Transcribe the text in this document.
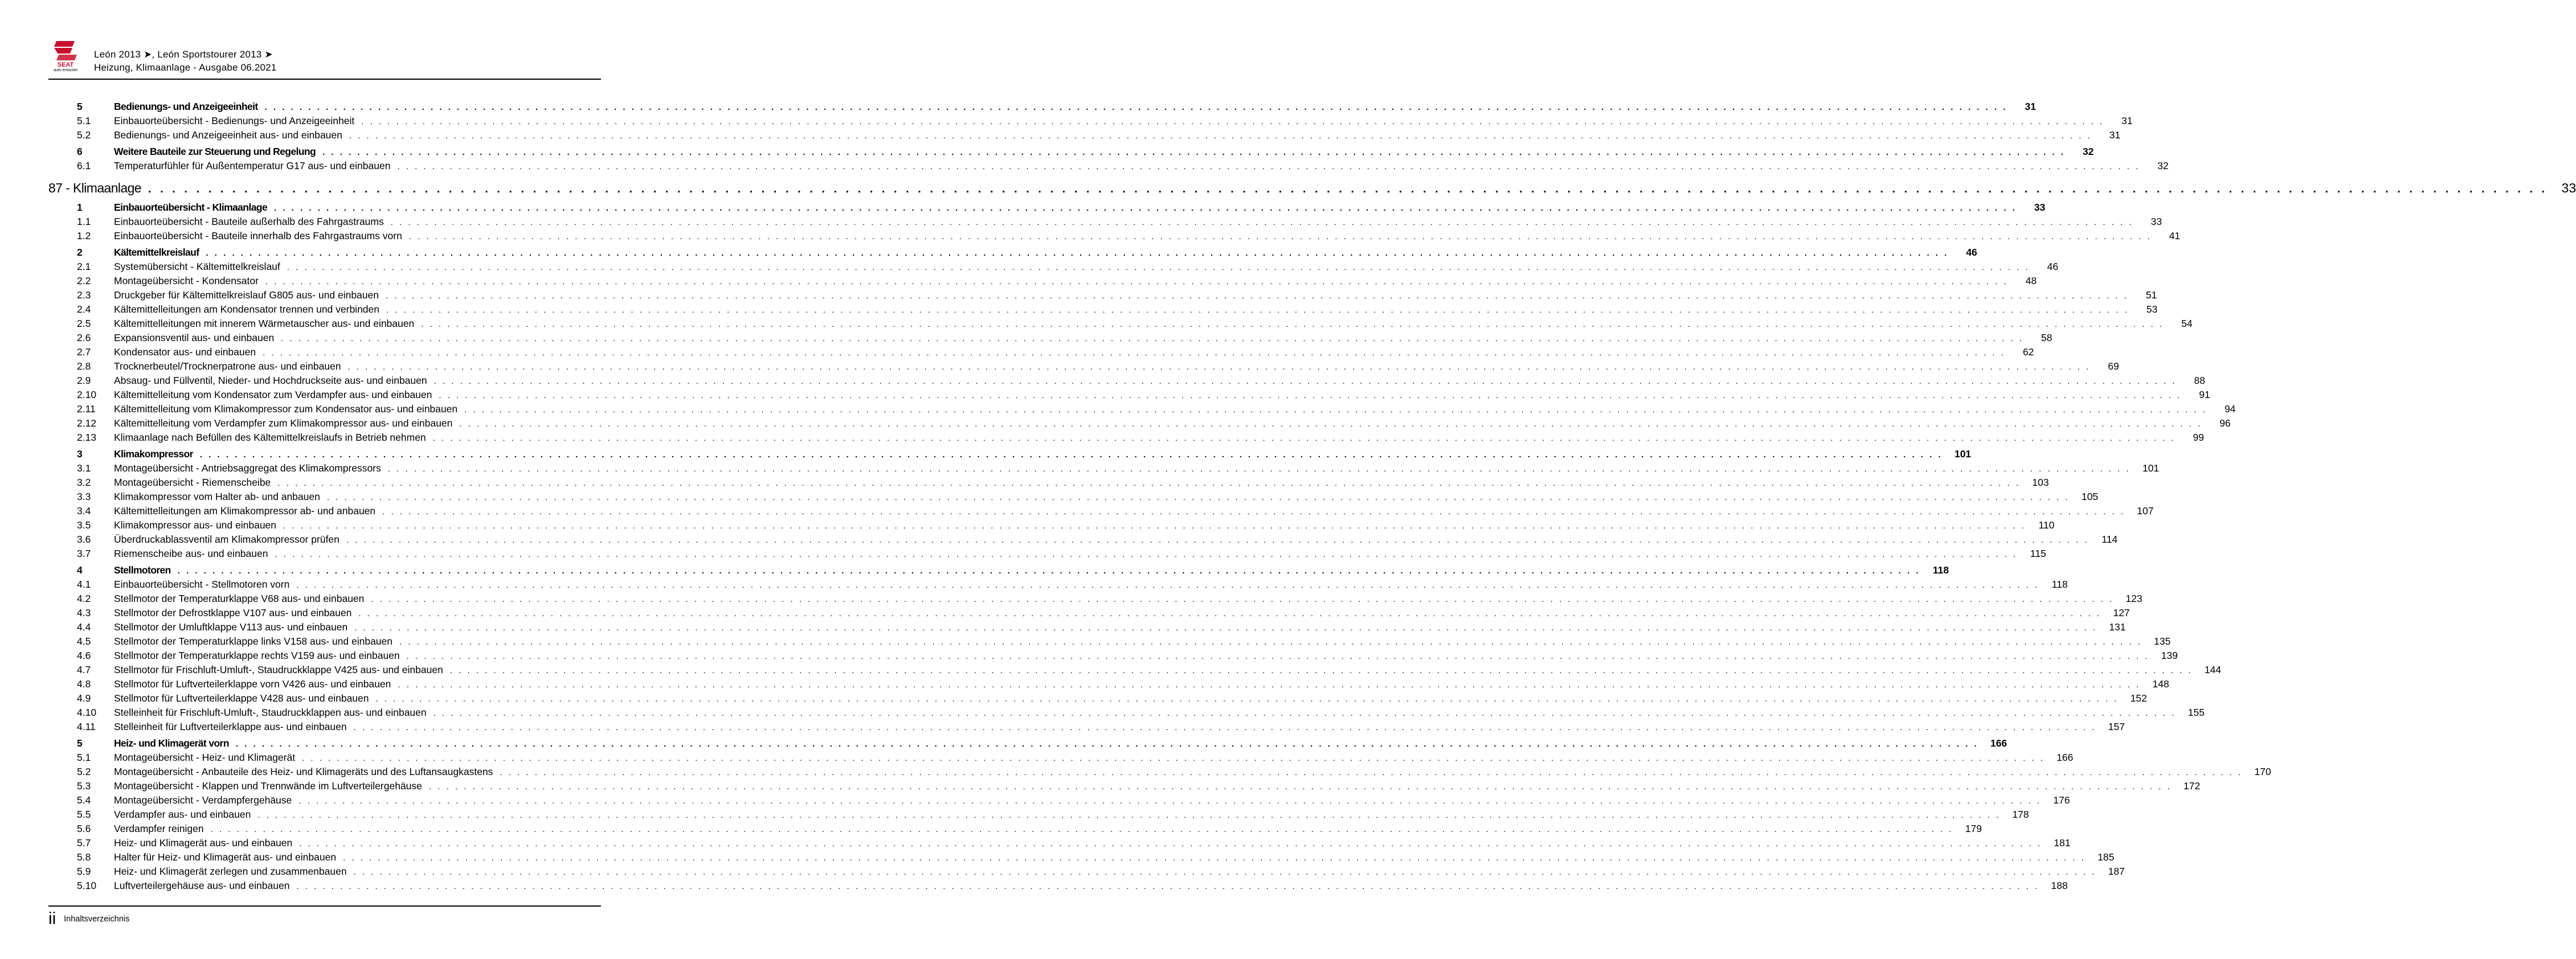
SEAT
auto emoción
León 2013 ➤, León Sportstourer 2013 ➤
Heizung, Klimaanlage - Ausgabe 06.2021
5	Bedienungs- und Anzeigeeinheit . . . . . . . . . . . . . . . . . . . . . . . . . . . . . . . . . . . . . . . . . . . . . . . . . . . . . . . . . . . . . . . . . . . . . . . . . . . . . . . . . . . . . . . . . . . . . . . . . . . . . . . . . . . . . . . . . . . . . . . . . . . . . . . . . . . . . . . . . . . . . . . . . . . . . . . . . . . . . . . . . . . . . . . . . . . . . . . . . . . . . . . . . . . . . . . . . . . . . . . .	31
5.1	Einbauorteübersicht - Bedienungs- und Anzeigeeinheit . . . . . . . . . . . . . . . . . . . . . . . . . . . . . . . . . . . . . . . . . . . . . . . . . . . . . . . . . . . . . . . . . . . . . . . . . . . . . . . . . . . . . . . . . . . . . . . . . . . . . . . . . . . . . . . . . . . . . . . . . . . . . . . . . . . . . . . . . . . . . . . . . . . . . . . . . . . . . . . . . . . . . . . . . . . . . . . . . . . . . . . . . . . . . . . . . . . . . . . .	31
5.2	Bedienungs- und Anzeigeeinheit aus- und einbauen . . . . . . . . . . . . . . . . . . . . . . . . . . . . . . . . . . . . . . . . . . . . . . . . . . . . . . . . . . . . . . . . . . . . . . . . . . . . . . . . . . . . . . . . . . . . . . . . . . . . . . . . . . . . . . . . . . . . . . . . . . . . . . . . . . . . . . . . . . . . . . . . . . . . . . . . . . . . . . . . . . . . . . . . . . . . . . . . . . . . . . . . . . . . . . . . . . . . . . . .	31
6	Weitere Bauteile zur Steuerung und Regelung . . . . . . . . . . . . . . . . . . . . . . . . . . . . . . . . . . . . . . . . . . . . . . . . . . . . . . . . . . . . . . . . . . . . . . . . . . . . . . . . . . . . . . . . . . . . . . . . . . . . . . . . . . . . . . . . . . . . . . . . . . . . . . . . . . . . . . . . . . . . . . . . . . . . . . . . . . . . . . . . . . . . . . . . . . . . . . . . . . . . . . . . . . . . . . . . . . . . . . . .	32
6.1	Temperaturfühler für Außentemperatur G17 aus- und einbauen . . . . . . . . . . . . . . . . . . . . . . . . . . . . . . . . . . . . . . . . . . . . . . . . . . . . . . . . . . . . . . . . . . . . . . . . . . . . . . . . . . . . . . . . . . . . . . . . . . . . . . . . . . . . . . . . . . . . . . . . . . . . . . . . . . . . . . . . . . . . . . . . . . . . . . . . . . . . . . . . . . . . . . . . . . . . . . . . . . . . . . . . . . . . . . . . . . . . . . . .	32
87 - Klimaanlage . . . . . . . . . . . . . . . . . . . . . . . . . . . . . . . . . . . . . . . . . . . . . . . . . . . . . . . . . . . . . . . . . . . . . . . . . . . . . . . . . . . . . . . . . . . . . . . . . . . . . . . . . . . . . . . . . . . . . . . . . . . . . . . . . . . . . . . . . . . . . . . . . . . . . . . . . . . . . . . . . . . . . . . . . . . . . . . . . . . . . . . . . . . . . . . . . . . . . . . .	33
1	Einbauorteübersicht - Klimaanlage . . . . . . . . . . . . . . . . . . . . . . . . . . . . . . . . . . . . . . . . . . . . . . . . . . . . . . . . . . . . . . . . . . . . . . . . . . . . . . . . . . . . . . . . . . . . . . . . . . . . . . . . . . . . . . . . . . . . . . . . . . . . . . . . . . . . . . . . . . . . . . . . . . . . . . . . . . . . . . . . . . . . . . . . . . . . . . . . . . . . . . . . . . . . . . . . . . . . . . . .	33
1.1	Einbauorteübersicht - Bauteile außerhalb des Fahrgastraums . . . . . . . . . . . . . . . . . . . . . . . . . . . . . . . . . . . . . . . . . . . . . . . . . . . . . . . . . . . . . . . . . . . . . . . . . . . . . . . . . . . . . . . . . . . . . . . . . . . . . . . . . . . . . . . . . . . . . . . . . . . . . . . . . . . . . . . . . . . . . . . . . . . . . . . . . . . . . . . . . . . . . . . . . . . . . . . . . . . . . . . . . . . . . . . . . . . . . . . .	33
1.2	Einbauorteübersicht - Bauteile innerhalb des Fahrgastraums vorn . . . . . . . . . . . . . . . . . . . . . . . . . . . . . . . . . . . . . . . . . . . . . . . . . . . . . . . . . . . . . . . . . . . . . . . . . . . . . . . . . . . . . . . . . . . . . . . . . . . . . . . . . . . . . . . . . . . . . . . . . . . . . . . . . . . . . . . . . . . . . . . . . . . . . . . . . . . . . . . . . . . . . . . . . . . . . . . . . . . . . . . . . . . . . . . . . . . . . . . .	41
2	Kältemittelkreislauf . . . . . . . . . . . . . . . . . . . . . . . . . . . . . . . . . . . . . . . . . . . . . . . . . . . . . . . . . . . . . . . . . . . . . . . . . . . . . . . . . . . . . . . . . . . . . . . . . . . . . . . . . . . . . . . . . . . . . . . . . . . . . . . . . . . . . . . . . . . . . . . . . . . . . . . . . . . . . . . . . . . . . . . . . . . . . . . . . . . . . . . . . . . . . . . . . . . . . . . .	46
2.1	Systemübersicht - Kältemittelkreislauf . . . . . . . . . . . . . . . . . . . . . . . . . . . . . . . . . . . . . . . . . . . . . . . . . . . . . . . . . . . . . . . . . . . . . . . . . . . . . . . . . . . . . . . . . . . . . . . . . . . . . . . . . . . . . . . . . . . . . . . . . . . . . . . . . . . . . . . . . . . . . . . . . . . . . . . . . . . . . . . . . . . . . . . . . . . . . . . . . . . . . . . . . . . . . . . . . . . . . . . .	46
2.2	Montageübersicht - Kondensator . . . . . . . . . . . . . . . . . . . . . . . . . . . . . . . . . . . . . . . . . . . . . . . . . . . . . . . . . . . . . . . . . . . . . . . . . . . . . . . . . . . . . . . . . . . . . . . . . . . . . . . . . . . . . . . . . . . . . . . . . . . . . . . . . . . . . . . . . . . . . . . . . . . . . . . . . . . . . . . . . . . . . . . . . . . . . . . . . . . . . . . . . . . . . . . . . . . . . . . .	48
2.3	Druckgeber für Kältemittelkreislauf G805 aus- und einbauen . . . . . . . . . . . . . . . . . . . . . . . . . . . . . . . . . . . . . . . . . . . . . . . . . . . . . . . . . . . . . . . . . . . . . . . . . . . . . . . . . . . . . . . . . . . . . . . . . . . . . . . . . . . . . . . . . . . . . . . . . . . . . . . . . . . . . . . . . . . . . . . . . . . . . . . . . . . . . . . . . . . . . . . . . . . . . . . . . . . . . . . . . . . . . . . . . . . . . . . .	51
2.4	Kältemittelleitungen am Kondensator trennen und verbinden . . . . . . . . . . . . . . . . . . . . . . . . . . . . . . . . . . . . . . . . . . . . . . . . . . . . . . . . . . . . . . . . . . . . . . . . . . . . . . . . . . . . . . . . . . . . . . . . . . . . . . . . . . . . . . . . . . . . . . . . . . . . . . . . . . . . . . . . . . . . . . . . . . . . . . . . . . . . . . . . . . . . . . . . . . . . . . . . . . . . . . . . . . . . . . . . . . . . . . . .	53
2.5	Kältemittelleitungen mit innerem Wärmetauscher aus- und einbauen . . . . . . . . . . . . . . . . . . . . . . . . . . . . . . . . . . . . . . . . . . . . . . . . . . . . . . . . . . . . . . . . . . . . . . . . . . . . . . . . . . . . . . . . . . . . . . . . . . . . . . . . . . . . . . . . . . . . . . . . . . . . . . . . . . . . . . . . . . . . . . . . . . . . . . . . . . . . . . . . . . . . . . . . . . . . . . . . . . . . . . . . . . . . . . . . . . . . . . . .	54
2.6	Expansionsventil aus- und einbauen . . . . . . . . . . . . . . . . . . . . . . . . . . . . . . . . . . . . . . . . . . . . . . . . . . . . . . . . . . . . . . . . . . . . . . . . . . . . . . . . . . . . . . . . . . . . . . . . . . . . . . . . . . . . . . . . . . . . . . . . . . . . . . . . . . . . . . . . . . . . . . . . . . . . . . . . . . . . . . . . . . . . . . . . . . . . . . . . . . . . . . . . . . . . . . . . . . . . . . . .	58
2.7	Kondensator aus- und einbauen . . . . . . . . . . . . . . . . . . . . . . . . . . . . . . . . . . . . . . . . . . . . . . . . . . . . . . . . . . . . . . . . . . . . . . . . . . . . . . . . . . . . . . . . . . . . . . . . . . . . . . . . . . . . . . . . . . . . . . . . . . . . . . . . . . . . . . . . . . . . . . . . . . . . . . . . . . . . . . . . . . . . . . . . . . . . . . . . . . . . . . . . . . . . . . . . . . . . . . . .	62
2.8	Trocknerbeutel/Trocknerpatrone aus- und einbauen . . . . . . . . . . . . . . . . . . . . . . . . . . . . . . . . . . . . . . . . . . . . . . . . . . . . . . . . . . . . . . . . . . . . . . . . . . . . . . . . . . . . . . . . . . . . . . . . . . . . . . . . . . . . . . . . . . . . . . . . . . . . . . . . . . . . . . . . . . . . . . . . . . . . . . . . . . . . . . . . . . . . . . . . . . . . . . . . . . . . . . . . . . . . . . . . . . . . . . . .	69
2.9	Absaug- und Füllventil, Nieder- und Hochdruckseite aus- und einbauen . . . . . . . . . . . . . . . . . . . . . . . . . . . . . . . . . . . . . . . . . . . . . . . . . . . . . . . . . . . . . . . . . . . . . . . . . . . . . . . . . . . . . . . . . . . . . . . . . . . . . . . . . . . . . . . . . . . . . . . . . . . . . . . . . . . . . . . . . . . . . . . . . . . . . . . . . . . . . . . . . . . . . . . . . . . . . . . . . . . . . . . . . . . . . . . . . . . . . . . .	88
2.10	Kältemittelleitung vom Kondensator zum Verdampfer aus- und einbauen . . . . . . . . . . . . . . . . . . . . . . . . . . . . . . . . . . . . . . . . . . . . . . . . . . . . . . . . . . . . . . . . . . . . . . . . . . . . . . . . . . . . . . . . . . . . . . . . . . . . . . . . . . . . . . . . . . . . . . . . . . . . . . . . . . . . . . . . . . . . . . . . . . . . . . . . . . . . . . . . . . . . . . . . . . . . . . . . . . . . . . . . . . . . . . . . . . . . . . . .	91
2.11	Kältemittelleitung vom Klimakompressor zum Kondensator aus- und einbauen . . . . . . . . . . . . . . . . . . . . . . . . . . . . . . . . . . . . . . . . . . . . . . . . . . . . . . . . . . . . . . . . . . . . . . . . . . . . . . . . . . . . . . . . . . . . . . . . . . . . . . . . . . . . . . . . . . . . . . . . . . . . . . . . . . . . . . . . . . . . . . . . . . . . . . . . . . . . . . . . . . . . . . . . . . . . . . . . . . . . . . . . . . . . . . . . . . . . . . . .	94
2.12	Kältemittelleitung vom Verdampfer zum Klimakompressor aus- und einbauen . . . . . . . . . . . . . . . . . . . . . . . . . . . . . . . . . . . . . . . . . . . . . . . . . . . . . . . . . . . . . . . . . . . . . . . . . . . . . . . . . . . . . . . . . . . . . . . . . . . . . . . . . . . . . . . . . . . . . . . . . . . . . . . . . . . . . . . . . . . . . . . . . . . . . . . . . . . . . . . . . . . . . . . . . . . . . . . . . . . . . . . . . . . . . . . . . . . . . . . .	96
2.13	Klimaanlage nach Befüllen des Kältemittelkreislaufs in Betrieb nehmen . . . . . . . . . . . . . . . . . . . . . . . . . . . . . . . . . . . . . . . . . . . . . . . . . . . . . . . . . . . . . . . . . . . . . . . . . . . . . . . . . . . . . . . . . . . . . . . . . . . . . . . . . . . . . . . . . . . . . . . . . . . . . . . . . . . . . . . . . . . . . . . . . . . . . . . . . . . . . . . . . . . . . . . . . . . . . . . . . . . . . . . . . . . . . . . . . . . . . . . .	99
3	Klimakompressor . . . . . . . . . . . . . . . . . . . . . . . . . . . . . . . . . . . . . . . . . . . . . . . . . . . . . . . . . . . . . . . . . . . . . . . . . . . . . . . . . . . . . . . . . . . . . . . . . . . . . . . . . . . . . . . . . . . . . . . . . . . . . . . . . . . . . . . . . . . . . . . . . . . . . . . . . . . . . . . . . . . . . . . . . . . . . . . . . . . . . . . . . . . . . . . . . . . . . . . .	101
3.1	Montageübersicht - Antriebsaggregat des Klimakompressors . . . . . . . . . . . . . . . . . . . . . . . . . . . . . . . . . . . . . . . . . . . . . . . . . . . . . . . . . . . . . . . . . . . . . . . . . . . . . . . . . . . . . . . . . . . . . . . . . . . . . . . . . . . . . . . . . . . . . . . . . . . . . . . . . . . . . . . . . . . . . . . . . . . . . . . . . . . . . . . . . . . . . . . . . . . . . . . . . . . . . . . . . . . . . . . . . . . . . . . .	101
3.2	Montageübersicht - Riemenscheibe . . . . . . . . . . . . . . . . . . . . . . . . . . . . . . . . . . . . . . . . . . . . . . . . . . . . . . . . . . . . . . . . . . . . . . . . . . . . . . . . . . . . . . . . . . . . . . . . . . . . . . . . . . . . . . . . . . . . . . . . . . . . . . . . . . . . . . . . . . . . . . . . . . . . . . . . . . . . . . . . . . . . . . . . . . . . . . . . . . . . . . . . . . . . . . . . . . . . . . . .	103
3.3	Klimakompressor vom Halter ab- und anbauen . . . . . . . . . . . . . . . . . . . . . . . . . . . . . . . . . . . . . . . . . . . . . . . . . . . . . . . . . . . . . . . . . . . . . . . . . . . . . . . . . . . . . . . . . . . . . . . . . . . . . . . . . . . . . . . . . . . . . . . . . . . . . . . . . . . . . . . . . . . . . . . . . . . . . . . . . . . . . . . . . . . . . . . . . . . . . . . . . . . . . . . . . . . . . . . . . . . . . . . .	105
3.4	Kältemittelleitungen am Klimakompressor ab- und anbauen . . . . . . . . . . . . . . . . . . . . . . . . . . . . . . . . . . . . . . . . . . . . . . . . . . . . . . . . . . . . . . . . . . . . . . . . . . . . . . . . . . . . . . . . . . . . . . . . . . . . . . . . . . . . . . . . . . . . . . . . . . . . . . . . . . . . . . . . . . . . . . . . . . . . . . . . . . . . . . . . . . . . . . . . . . . . . . . . . . . . . . . . . . . . . . . . . . . . . . . .	107
3.5	Klimakompressor aus- und einbauen . . . . . . . . . . . . . . . . . . . . . . . . . . . . . . . . . . . . . . . . . . . . . . . . . . . . . . . . . . . . . . . . . . . . . . . . . . . . . . . . . . . . . . . . . . . . . . . . . . . . . . . . . . . . . . . . . . . . . . . . . . . . . . . . . . . . . . . . . . . . . . . . . . . . . . . . . . . . . . . . . . . . . . . . . . . . . . . . . . . . . . . . . . . . . . . . . . . . . . . .	110
3.6	Überdruckablassventil am Klimakompressor prüfen . . . . . . . . . . . . . . . . . . . . . . . . . . . . . . . . . . . . . . . . . . . . . . . . . . . . . . . . . . . . . . . . . . . . . . . . . . . . . . . . . . . . . . . . . . . . . . . . . . . . . . . . . . . . . . . . . . . . . . . . . . . . . . . . . . . . . . . . . . . . . . . . . . . . . . . . . . . . . . . . . . . . . . . . . . . . . . . . . . . . . . . . . . . . . . . . . . . . . . . .	114
3.7	Riemenscheibe aus- und einbauen . . . . . . . . . . . . . . . . . . . . . . . . . . . . . . . . . . . . . . . . . . . . . . . . . . . . . . . . . . . . . . . . . . . . . . . . . . . . . . . . . . . . . . . . . . . . . . . . . . . . . . . . . . . . . . . . . . . . . . . . . . . . . . . . . . . . . . . . . . . . . . . . . . . . . . . . . . . . . . . . . . . . . . . . . . . . . . . . . . . . . . . . . . . . . . . . . . . . . . . .	115
4	Stellmotoren . . . . . . . . . . . . . . . . . . . . . . . . . . . . . . . . . . . . . . . . . . . . . . . . . . . . . . . . . . . . . . . . . . . . . . . . . . . . . . . . . . . . . . . . . . . . . . . . . . . . . . . . . . . . . . . . . . . . . . . . . . . . . . . . . . . . . . . . . . . . . . . . . . . . . . . . . . . . . . . . . . . . . . . . . . . . . . . . . . . . . . . . . . . . . . . . . . . . . . . .	118
4.1	Einbauorteübersicht - Stellmotoren vorn . . . . . . . . . . . . . . . . . . . . . . . . . . . . . . . . . . . . . . . . . . . . . . . . . . . . . . . . . . . . . . . . . . . . . . . . . . . . . . . . . . . . . . . . . . . . . . . . . . . . . . . . . . . . . . . . . . . . . . . . . . . . . . . . . . . . . . . . . . . . . . . . . . . . . . . . . . . . . . . . . . . . . . . . . . . . . . . . . . . . . . . . . . . . . . . . . . . . . . . .	118
4.2	Stellmotor der Temperaturklappe V68 aus- und einbauen . . . . . . . . . . . . . . . . . . . . . . . . . . . . . . . . . . . . . . . . . . . . . . . . . . . . . . . . . . . . . . . . . . . . . . . . . . . . . . . . . . . . . . . . . . . . . . . . . . . . . . . . . . . . . . . . . . . . . . . . . . . . . . . . . . . . . . . . . . . . . . . . . . . . . . . . . . . . . . . . . . . . . . . . . . . . . . . . . . . . . . . . . . . . . . . . . . . . . . . .	123
4.3	Stellmotor der Defrostklappe V107 aus- und einbauen . . . . . . . . . . . . . . . . . . . . . . . . . . . . . . . . . . . . . . . . . . . . . . . . . . . . . . . . . . . . . . . . . . . . . . . . . . . . . . . . . . . . . . . . . . . . . . . . . . . . . . . . . . . . . . . . . . . . . . . . . . . . . . . . . . . . . . . . . . . . . . . . . . . . . . . . . . . . . . . . . . . . . . . . . . . . . . . . . . . . . . . . . . . . . . . . . . . . . . . .	127
4.4	Stellmotor der Umluftklappe V113 aus- und einbauen . . . . . . . . . . . . . . . . . . . . . . . . . . . . . . . . . . . . . . . . . . . . . . . . . . . . . . . . . . . . . . . . . . . . . . . . . . . . . . . . . . . . . . . . . . . . . . . . . . . . . . . . . . . . . . . . . . . . . . . . . . . . . . . . . . . . . . . . . . . . . . . . . . . . . . . . . . . . . . . . . . . . . . . . . . . . . . . . . . . . . . . . . . . . . . . . . . . . . . . .	131
4.5	Stellmotor der Temperaturklappe links V158 aus- und einbauen . . . . . . . . . . . . . . . . . . . . . . . . . . . . . . . . . . . . . . . . . . . . . . . . . . . . . . . . . . . . . . . . . . . . . . . . . . . . . . . . . . . . . . . . . . . . . . . . . . . . . . . . . . . . . . . . . . . . . . . . . . . . . . . . . . . . . . . . . . . . . . . . . . . . . . . . . . . . . . . . . . . . . . . . . . . . . . . . . . . . . . . . . . . . . . . . . . . . . . . .	135
4.6	Stellmotor der Temperaturklappe rechts V159 aus- und einbauen . . . . . . . . . . . . . . . . . . . . . . . . . . . . . . . . . . . . . . . . . . . . . . . . . . . . . . . . . . . . . . . . . . . . . . . . . . . . . . . . . . . . . . . . . . . . . . . . . . . . . . . . . . . . . . . . . . . . . . . . . . . . . . . . . . . . . . . . . . . . . . . . . . . . . . . . . . . . . . . . . . . . . . . . . . . . . . . . . . . . . . . . . . . . . . . . . . . . . . . .	139
4.7	Stellmotor für Frischluft-Umluft-, Staudruckklappe V425 aus- und einbauen . . . . . . . . . . . . . . . . . . . . . . . . . . . . . . . . . . . . . . . . . . . . . . . . . . . . . . . . . . . . . . . . . . . . . . . . . . . . . . . . . . . . . . . . . . . . . . . . . . . . . . . . . . . . . . . . . . . . . . . . . . . . . . . . . . . . . . . . . . . . . . . . . . . . . . . . . . . . . . . . . . . . . . . . . . . . . . . . . . . . . . . . . . . . . . . . . . . . . . . .	144
4.8	Stellmotor für Luftverteilerklappe vorn V426 aus- und einbauen . . . . . . . . . . . . . . . . . . . . . . . . . . . . . . . . . . . . . . . . . . . . . . . . . . . . . . . . . . . . . . . . . . . . . . . . . . . . . . . . . . . . . . . . . . . . . . . . . . . . . . . . . . . . . . . . . . . . . . . . . . . . . . . . . . . . . . . . . . . . . . . . . . . . . . . . . . . . . . . . . . . . . . . . . . . . . . . . . . . . . . . . . . . . . . . . . . . . . . . .	148
4.9	Stellmotor für Luftverteilerklappe V428 aus- und einbauen . . . . . . . . . . . . . . . . . . . . . . . . . . . . . . . . . . . . . . . . . . . . . . . . . . . . . . . . . . . . . . . . . . . . . . . . . . . . . . . . . . . . . . . . . . . . . . . . . . . . . . . . . . . . . . . . . . . . . . . . . . . . . . . . . . . . . . . . . . . . . . . . . . . . . . . . . . . . . . . . . . . . . . . . . . . . . . . . . . . . . . . . . . . . . . . . . . . . . . . .	152
4.10	Stelleinheit für Frischluft-Umluft-, Staudruckklappen aus- und einbauen . . . . . . . . . . . . . . . . . . . . . . . . . . . . . . . . . . . . . . . . . . . . . . . . . . . . . . . . . . . . . . . . . . . . . . . . . . . . . . . . . . . . . . . . . . . . . . . . . . . . . . . . . . . . . . . . . . . . . . . . . . . . . . . . . . . . . . . . . . . . . . . . . . . . . . . . . . . . . . . . . . . . . . . . . . . . . . . . . . . . . . . . . . . . . . . . . . . . . . . .	155
4.11	Stelleinheit für Luftverteilerklappe aus- und einbauen . . . . . . . . . . . . . . . . . . . . . . . . . . . . . . . . . . . . . . . . . . . . . . . . . . . . . . . . . . . . . . . . . . . . . . . . . . . . . . . . . . . . . . . . . . . . . . . . . . . . . . . . . . . . . . . . . . . . . . . . . . . . . . . . . . . . . . . . . . . . . . . . . . . . . . . . . . . . . . . . . . . . . . . . . . . . . . . . . . . . . . . . . . . . . . . . . . . . . . . .	157
5	Heiz- und Klimagerät vorn . . . . . . . . . . . . . . . . . . . . . . . . . . . . . . . . . . . . . . . . . . . . . . . . . . . . . . . . . . . . . . . . . . . . . . . . . . . . . . . . . . . . . . . . . . . . . . . . . . . . . . . . . . . . . . . . . . . . . . . . . . . . . . . . . . . . . . . . . . . . . . . . . . . . . . . . . . . . . . . . . . . . . . . . . . . . . . . . . . . . . . . . . . . . . . . . . . . . . . . .	166
5.1	Montageübersicht - Heiz- und Klimagerät . . . . . . . . . . . . . . . . . . . . . . . . . . . . . . . . . . . . . . . . . . . . . . . . . . . . . . . . . . . . . . . . . . . . . . . . . . . . . . . . . . . . . . . . . . . . . . . . . . . . . . . . . . . . . . . . . . . . . . . . . . . . . . . . . . . . . . . . . . . . . . . . . . . . . . . . . . . . . . . . . . . . . . . . . . . . . . . . . . . . . . . . . . . . . . . . . . . . . . . .	166
5.2	Montageübersicht - Anbauteile des Heiz- und Klimageräts und des Luftansaugkastens . . . . . . . . . . . . . . . . . . . . . . . . . . . . . . . . . . . . . . . . . . . . . . . . . . . . . . . . . . . . . . . . . . . . . . . . . . . . . . . . . . . . . . . . . . . . . . . . . . . . . . . . . . . . . . . . . . . . . . . . . . . . . . . . . . . . . . . . . . . . . . . . . . . . . . . . . . . . . . . . . . . . . . . . . . . . . . . . . . . . . . . . . . . . . . . . . . . . . . . .	170
5.3	Montageübersicht - Klappen und Trennwände im Luftverteilergehäuse . . . . . . . . . . . . . . . . . . . . . . . . . . . . . . . . . . . . . . . . . . . . . . . . . . . . . . . . . . . . . . . . . . . . . . . . . . . . . . . . . . . . . . . . . . . . . . . . . . . . . . . . . . . . . . . . . . . . . . . . . . . . . . . . . . . . . . . . . . . . . . . . . . . . . . . . . . . . . . . . . . . . . . . . . . . . . . . . . . . . . . . . . . . . . . . . . . . . . . . .	172
5.4	Montageübersicht - Verdampfergehäuse . . . . . . . . . . . . . . . . . . . . . . . . . . . . . . . . . . . . . . . . . . . . . . . . . . . . . . . . . . . . . . . . . . . . . . . . . . . . . . . . . . . . . . . . . . . . . . . . . . . . . . . . . . . . . . . . . . . . . . . . . . . . . . . . . . . . . . . . . . . . . . . . . . . . . . . . . . . . . . . . . . . . . . . . . . . . . . . . . . . . . . . . . . . . . . . . . . . . . . . .	176
5.5	Verdampfer aus- und einbauen . . . . . . . . . . . . . . . . . . . . . . . . . . . . . . . . . . . . . . . . . . . . . . . . . . . . . . . . . . . . . . . . . . . . . . . . . . . . . . . . . . . . . . . . . . . . . . . . . . . . . . . . . . . . . . . . . . . . . . . . . . . . . . . . . . . . . . . . . . . . . . . . . . . . . . . . . . . . . . . . . . . . . . . . . . . . . . . . . . . . . . . . . . . . . . . . . . . . . . . .	178
5.6	Verdampfer reinigen . . . . . . . . . . . . . . . . . . . . . . . . . . . . . . . . . . . . . . . . . . . . . . . . . . . . . . . . . . . . . . . . . . . . . . . . . . . . . . . . . . . . . . . . . . . . . . . . . . . . . . . . . . . . . . . . . . . . . . . . . . . . . . . . . . . . . . . . . . . . . . . . . . . . . . . . . . . . . . . . . . . . . . . . . . . . . . . . . . . . . . . . . . . . . . . . . . . . . . . .	179
5.7	Heiz- und Klimagerät aus- und einbauen . . . . . . . . . . . . . . . . . . . . . . . . . . . . . . . . . . . . . . . . . . . . . . . . . . . . . . . . . . . . . . . . . . . . . . . . . . . . . . . . . . . . . . . . . . . . . . . . . . . . . . . . . . . . . . . . . . . . . . . . . . . . . . . . . . . . . . . . . . . . . . . . . . . . . . . . . . . . . . . . . . . . . . . . . . . . . . . . . . . . . . . . . . . . . . . . . . . . . . . .	181
5.8	Halter für Heiz- und Klimagerät aus- und einbauen . . . . . . . . . . . . . . . . . . . . . . . . . . . . . . . . . . . . . . . . . . . . . . . . . . . . . . . . . . . . . . . . . . . . . . . . . . . . . . . . . . . . . . . . . . . . . . . . . . . . . . . . . . . . . . . . . . . . . . . . . . . . . . . . . . . . . . . . . . . . . . . . . . . . . . . . . . . . . . . . . . . . . . . . . . . . . . . . . . . . . . . . . . . . . . . . . . . . . . . .	185
5.9	Heiz- und Klimagerät zerlegen und zusammenbauen . . . . . . . . . . . . . . . . . . . . . . . . . . . . . . . . . . . . . . . . . . . . . . . . . . . . . . . . . . . . . . . . . . . . . . . . . . . . . . . . . . . . . . . . . . . . . . . . . . . . . . . . . . . . . . . . . . . . . . . . . . . . . . . . . . . . . . . . . . . . . . . . . . . . . . . . . . . . . . . . . . . . . . . . . . . . . . . . . . . . . . . . . . . . . . . . . . . . . . . .	187
5.10	Luftverteilergehäuse aus- und einbauen . . . . . . . . . . . . . . . . . . . . . . . . . . . . . . . . . . . . . . . . . . . . . . . . . . . . . . . . . . . . . . . . . . . . . . . . . . . . . . . . . . . . . . . . . . . . . . . . . . . . . . . . . . . . . . . . . . . . . . . . . . . . . . . . . . . . . . . . . . . . . . . . . . . . . . . . . . . . . . . . . . . . . . . . . . . . . . . . . . . . . . . . . . . . . . . . . . . . . . . .	188
ii Inhaltsverzeichnis
